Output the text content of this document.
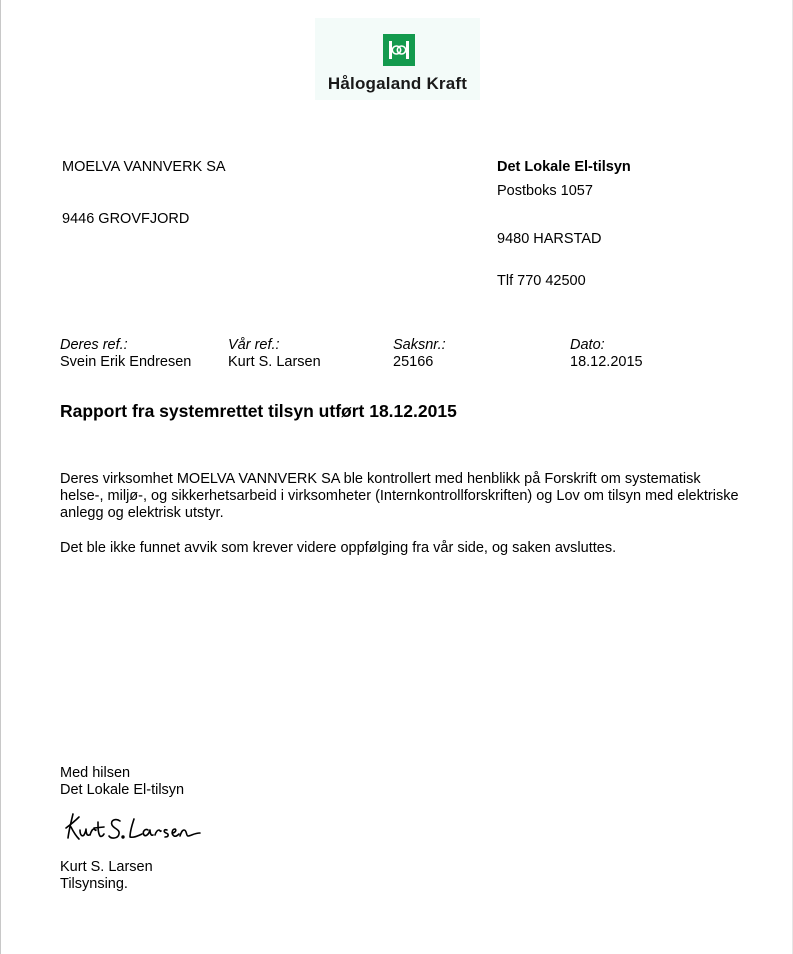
Hålogaland Kraft
MOELVA VANNVERK SA
9446 GROVFJORD
Det Lokale El-tilsyn
Postboks 1057
9480 HARSTAD
Tlf 770 42500
Deres ref.:
Svein Erik Endresen
Vår ref.:
Kurt S. Larsen
Saksnr.:
25166
Dato:
18.12.2015
Rapport fra systemrettet tilsyn utført 18.12.2015
Deres virksomhet MOELVA VANNVERK SA ble kontrollert med henblikk på Forskrift om systematisk
helse-, miljø-, og sikkerhetsarbeid i virksomheter (Internkontrollforskriften) og Lov om tilsyn med elektriske
anlegg og elektrisk utstyr.
Det ble ikke funnet avvik som krever videre oppfølging fra vår side, og saken avsluttes.
Med hilsen
Det Lokale El-tilsyn
Kurt S. Larsen
Tilsynsing.
